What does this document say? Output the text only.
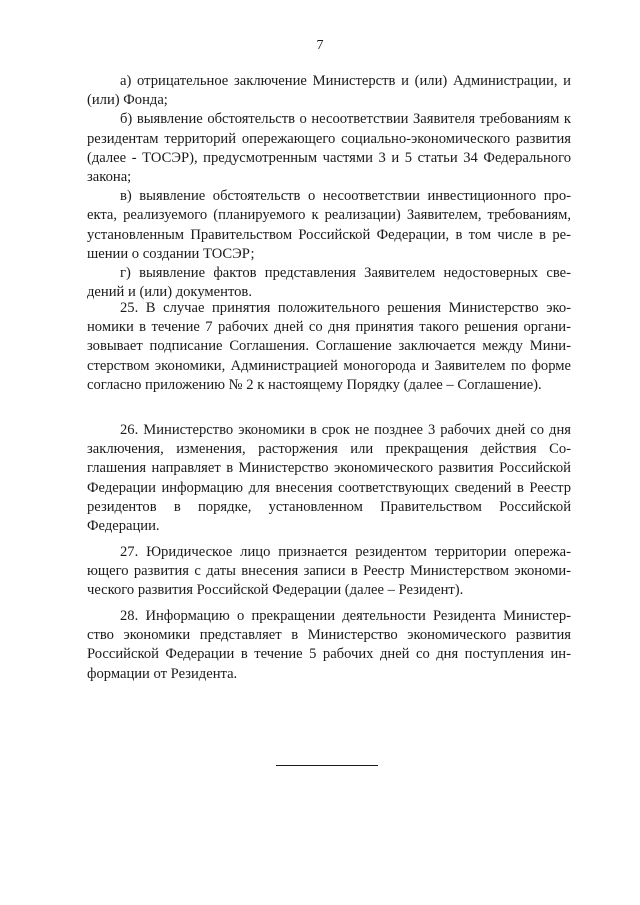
7

а) отрицательное заключение Министерств и (или) Администрации, и (или) Фонда;

б) выявление обстоятельств о несоответствии Заявителя требованиям к резидентам территорий опережающего социально-экономического развития (далее - ТОСЭР), предусмотренным частями 3 и 5 статьи 34 Федерального закона;

в) выявление обстоятельств о несоответствии инвестиционного проекта, реализуемого (планируемого к реализации) Заявителем, требованиям, установленным Правительством Российской Федерации, в том числе в решении о создании ТОСЭР;

г) выявление фактов представления Заявителем недостоверных сведений и (или) документов.

25. В случае принятия положительного решения Министерство экономики в течение 7 рабочих дней со дня принятия такого решения организовывает подписание Соглашения. Соглашение заключается между Министерством экономики, Администрацией моногорода и Заявителем по форме согласно приложению № 2 к настоящему Порядку (далее – Соглашение).

26. Министерство экономики в срок не позднее 3 рабочих дней со дня заключения, изменения, расторжения или прекращения действия Соглашения направляет в Министерство экономического развития Российской Федерации информацию для внесения соответствующих сведений в Реестр резидентов в порядке, установленном Правительством Российской Федерации.

27. Юридическое лицо признается резидентом территории опережающего развития с даты внесения записи в Реестр Министерством экономического развития Российской Федерации (далее – Резидент).

28. Информацию о прекращении деятельности Резидента Министерство экономики представляет в Министерство экономического развития Российской Федерации в течение 5 рабочих дней со дня поступления информации от Резидента.
